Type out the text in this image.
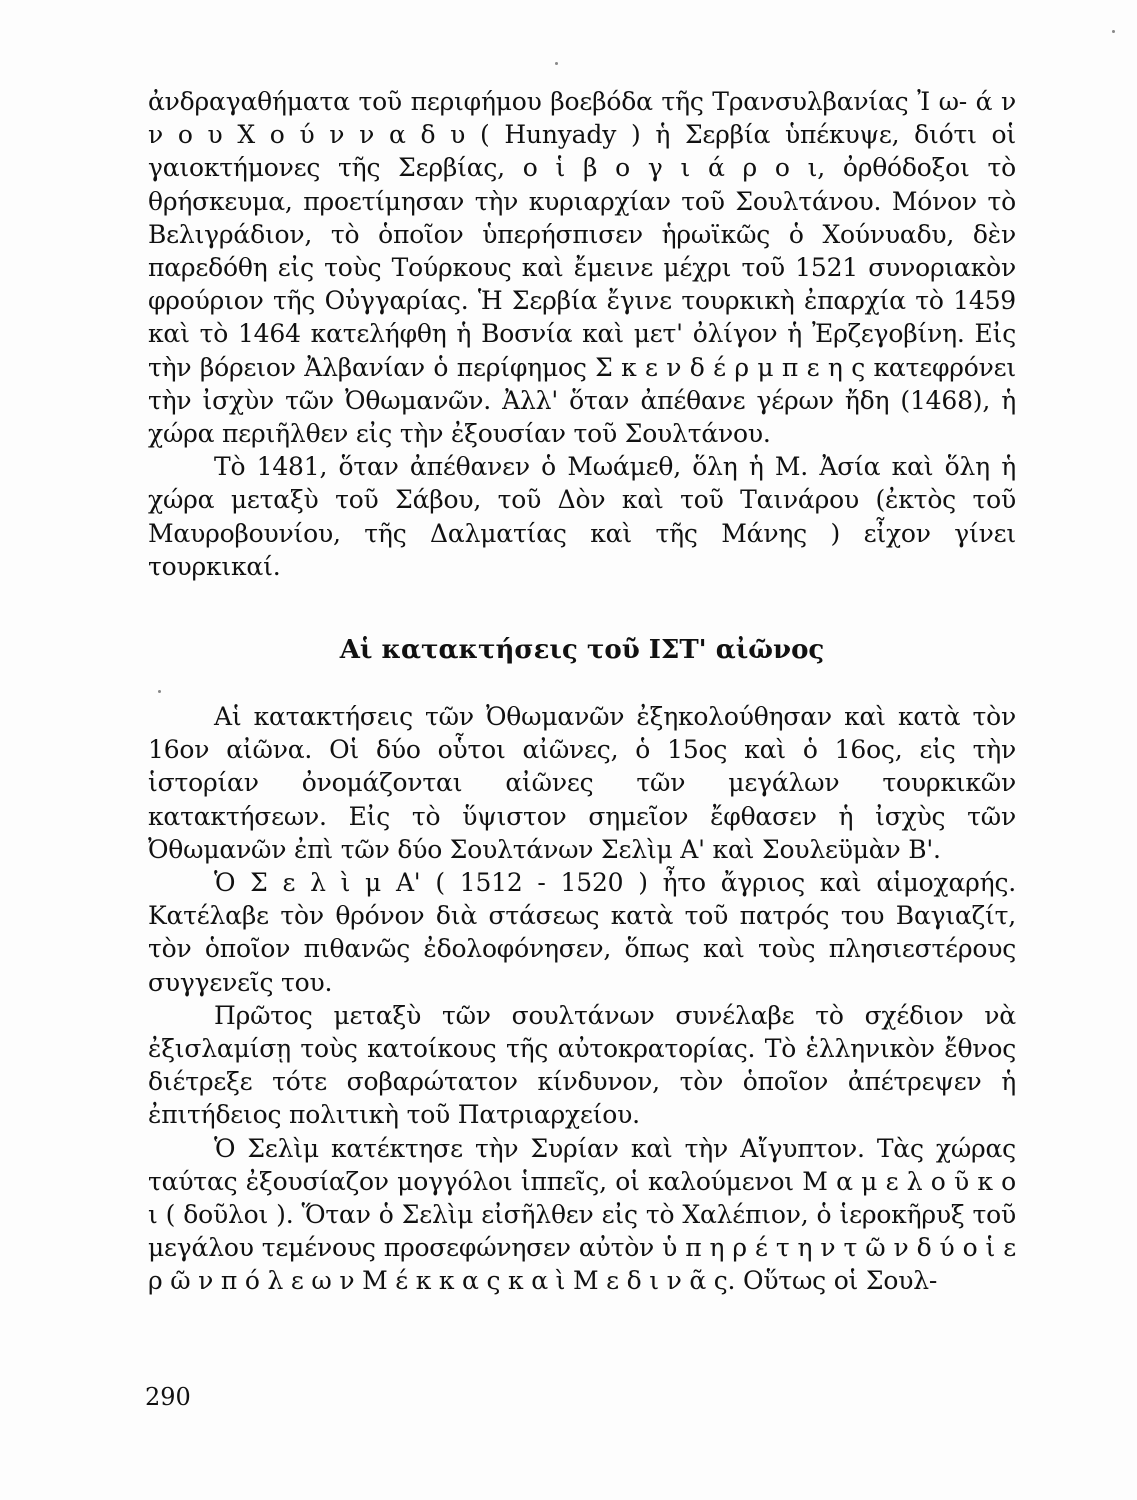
ἀνδραγαθήματα τοῦ περιφήμου βοεβόδα τῆς Τρανσυλβανίας Ἰ ω- ά ν ν ο υ Χ ο ύ ν ν α δ υ ( Hunyady ) ἡ Σερβία ὑπέκυψε, διότι οἱ γαιοκτήμονες τῆς Σερβίας, ο ἱ β ο γ ι ά ρ ο ι, ὀρθόδοξοι τὸ θρήσκευμα, προετίμησαν τὴν κυριαρχίαν τοῦ Σουλτάνου. Μόνον τὸ Βελιγράδιον, τὸ ὁποῖον ὑπερήσπισεν ἡρωϊκῶς ὁ Χούνυαδυ, δὲν παρεδόθη εἰς τοὺς Τούρκους καὶ ἔμεινε μέχρι τοῦ 1521 συνοριακὸν φρούριον τῆς Οὐγγαρίας. Ἡ Σερβία ἔγινε τουρκικὴ ἐπαρχία τὸ 1459 καὶ τὸ 1464 κατελήφθη ἡ Βοσνία καὶ μετ' ὀλίγον ἡ Ἐρζεγοβίνη. Εἰς τὴν βόρειον Ἀλβανίαν ὁ περίφημος Σ κ ε ν δ έ ρ μ π ε η ς κατεφρόνει τὴν ἰσχὺν τῶν Ὀθωμανῶν. Ἀλλ' ὅταν ἀπέθανε γέρων ἤδη (1468), ἡ χώρα περιῆλθεν εἰς τὴν ἐξουσίαν τοῦ Σουλτάνου.

Τὸ 1481, ὅταν ἀπέθανεν ὁ Μωάμεθ, ὅλη ἡ Μ. Ἀσία καὶ ὅλη ἡ χώρα μεταξὺ τοῦ Σάβου, τοῦ Δὸν καὶ τοῦ Ταινάρου (ἐκτὸς τοῦ Μαυροβουνίου, τῆς Δαλματίας καὶ τῆς Μάνης ) εἶχον γίνει τουρκικαί.

Αἱ κατακτήσεις τοῦ ΙΣΤ' αἰῶνος

Αἱ κατακτήσεις τῶν Ὀθωμανῶν ἐξηκολούθησαν καὶ κατὰ τὸν 16ον αἰῶνα. Οἱ δύο οὗτοι αἰῶνες, ὁ 15ος καὶ ὁ 16ος, εἰς τὴν ἱστορίαν ὀνομάζονται αἰῶνες τῶν μεγάλων τουρκικῶν κατακτήσεων. Εἰς τὸ ὕψιστον σημεῖον ἔφθασεν ἡ ἰσχὺς τῶν Ὀθωμανῶν ἐπὶ τῶν δύο Σουλτάνων Σελὶμ Α' καὶ Σουλεϋμὰν Β'.

Ὁ Σ ε λ ὶ μ Α' ( 1512 - 1520 ) ἦτο ἄγριος καὶ αἱμοχαρής. Κατέλαβε τὸν θρόνον διὰ στάσεως κατὰ τοῦ πατρός του Βαγιαζίτ, τὸν ὁποῖον πιθανῶς ἐδολοφόνησεν, ὅπως καὶ τοὺς πλησιεστέρους συγγενεῖς του.

Πρῶτος μεταξὺ τῶν σουλτάνων συνέλαβε τὸ σχέδιον νὰ ἐξισλαμίσῃ τοὺς κατοίκους τῆς αὐτοκρατορίας. Τὸ ἑλληνικὸν ἔθνος διέτρεξε τότε σοβαρώτατον κίνδυνον, τὸν ὁποῖον ἀπέτρεψεν ἡ ἐπιτήδειος πολιτικὴ τοῦ Πατριαρχείου.

Ὁ Σελὶμ κατέκτησε τὴν Συρίαν καὶ τὴν Αἴγυπτον. Τὰς χώρας ταύτας ἐξουσίαζον μογγόλοι ἱππεῖς, οἱ καλούμενοι Μ α μ ε λ ο ῦ κ ο ι ( δοῦλοι ). Ὅταν ὁ Σελὶμ εἰσῆλθεν εἰς τὸ Χαλέπιον, ὁ ἱεροκῆρυξ τοῦ μεγάλου τεμένους προσεφώνησεν αὐτὸν ὑ π η ρ έ τ η ν τ ῶ ν δ ύ ο ἱ ε ρ ῶ ν π ό λ ε ω ν Μ έ κ κ α ς κ α ὶ Μ ε δ ι ν ᾶ ς. Οὕτως οἱ Σουλ-

290
